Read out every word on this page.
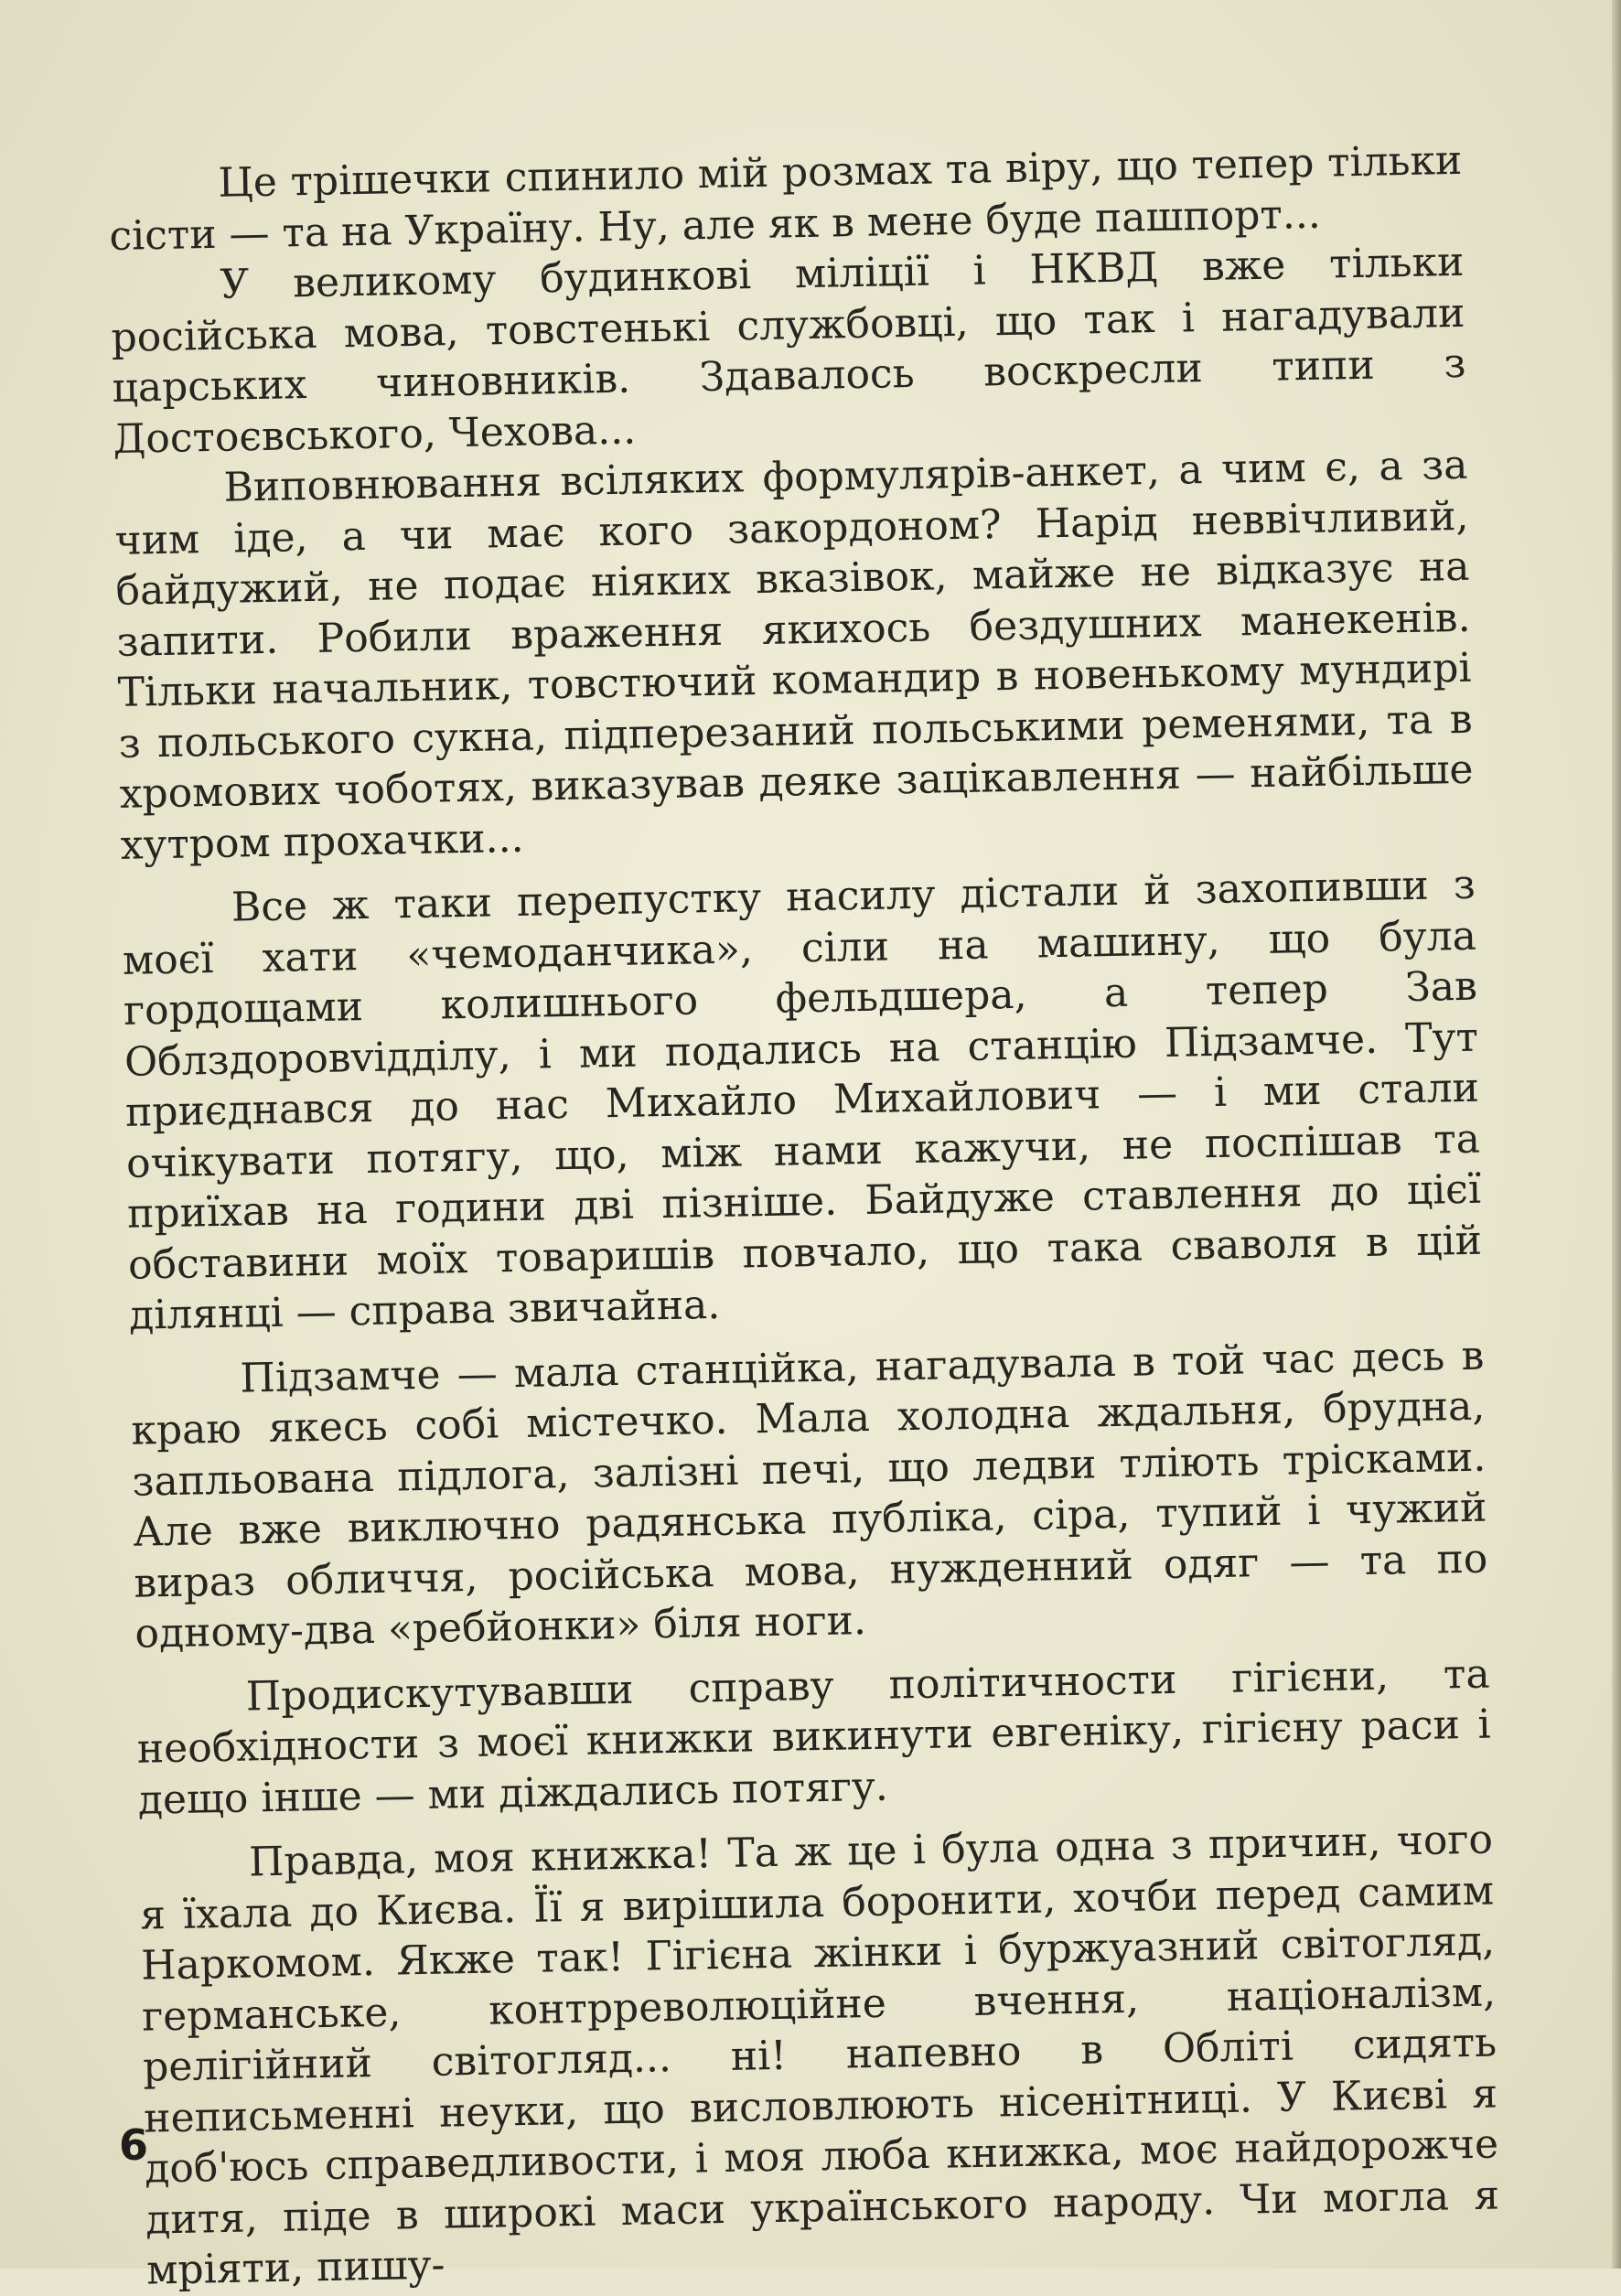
Це трішечки спинило мій розмах та віру, що тепер тільки сісти — та на Україну. Ну, але як в мене буде пашпорт...

У великому будинкові міліції і НКВД вже тільки російська мова, товстенькі службовці, що так і нагадували царських чиновників. Здавалось воскресли типи з Достоєвського, Чехова...

Виповнювання всіляких формулярів-анкет, а чим є, а за чим іде, а чи має кого закордоном? Нарід неввічливий, байдужий, не подає ніяких вказівок, майже не відказує на запити. Робили враження якихось бездушних манекенів. Тільки начальник, товстючий командир в новенькому мундирі з польського сукна, підперезаний польськими ременями, та в хромових чоботях, виказував деяке зацікавлення — найбільше хутром прохачки...

Все ж таки перепустку насилу дістали й захопивши з моєї хати «чемоданчика», сіли на машину, що була гордощами колишнього фельдшера, а тепер Зав Облздоровvідділу, і ми подались на станцію Підзамче. Тут приєднався до нас Михайло Михайлович — і ми стали очікувати потягу, що, між нами кажучи, не поспішав та приїхав на години дві пізніше. Байдуже ставлення до цієї обставини моїх товаришів повчало, що така сваволя в цій ділянці — справа звичайна.

Підзамче — мала станційка, нагадувала в той час десь в краю якесь собі містечко. Мала холодна ждальня, брудна, запльована підлога, залізні печі, що ледви тліють трісками. Але вже виключно радянська публіка, сіра, тупий і чужий вираз обличчя, російська мова, нужденний одяг — та по одному-два «ребйонки» біля ноги.

Продискутувавши справу політичности гігієни, та необхідности з моєї книжки викинути евгеніку, гігієну раси і дещо інше — ми діждались потягу.

Правда, моя книжка! Та ж це і була одна з причин, чого я їхала до Києва. Її я вирішила боронити, хочби перед самим Наркомом. Якже так! Гігієна жінки і буржуазний світогляд, германське, контрреволюційне вчення, націоналізм, релігійний світогляд... ні! напевно в Обліті сидять неписьменні неуки, що висловлюють нісенітниці. У Києві я доб'юсь справедливости, і моя люба книжка, моє найдорожче дитя, піде в широкі маси українського народу. Чи могла я мріяти, пишу-

6
